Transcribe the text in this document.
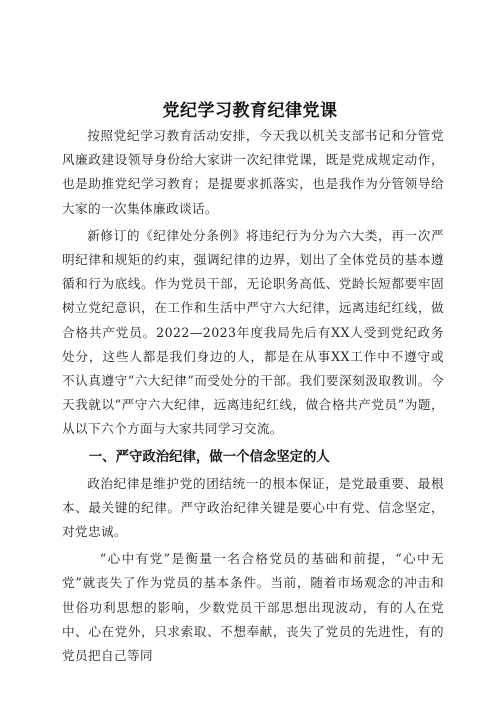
党纪学习教育纪律党课

按照党纪学习教育活动安排，今天我以机关支部书记和分管党风廉政建设领导身份给大家讲一次纪律党课，既是党成规定动作，也是助推党纪学习教育；是提要求抓落实，也是我作为分管领导给大家的一次集体廉政谈话。

新修订的《纪律处分条例》将违纪行为分为六大类，再一次严明纪律和规矩的约束，强调纪律的边界，划出了全体党员的基本遵循和行为底线。作为党员干部，无论职务高低、党龄长短都要牢固树立党纪意识，在工作和生活中严守六大纪律，远离违纪红线，做合格共产党员。2022—2023年度我局先后有XX人受到党纪政务处分，这些人都是我们身边的人，都是在从事XX工作中不遵守或不认真遵守“六大纪律”而受处分的干部。我们要深刻汲取教训。今天我就以“严守六大纪律，远离违纪红线，做合格共产党员”为题，从以下六个方面与大家共同学习交流。

一、严守政治纪律，做一个信念坚定的人

政治纪律是维护党的团结统一的根本保证，是党最重要、最根本、最关键的纪律。严守政治纪律关键是要心中有党、信念坚定，对党忠诚。

“心中有党”是衡量一名合格党员的基础和前提，“心中无党”就丧失了作为党员的基本条件。当前，随着市场观念的冲击和世俗功利思想的影响，少数党员干部思想出现波动，有的人在党中、心在党外，只求索取、不想奉献，丧失了党员的先进性，有的党员把自己等同
